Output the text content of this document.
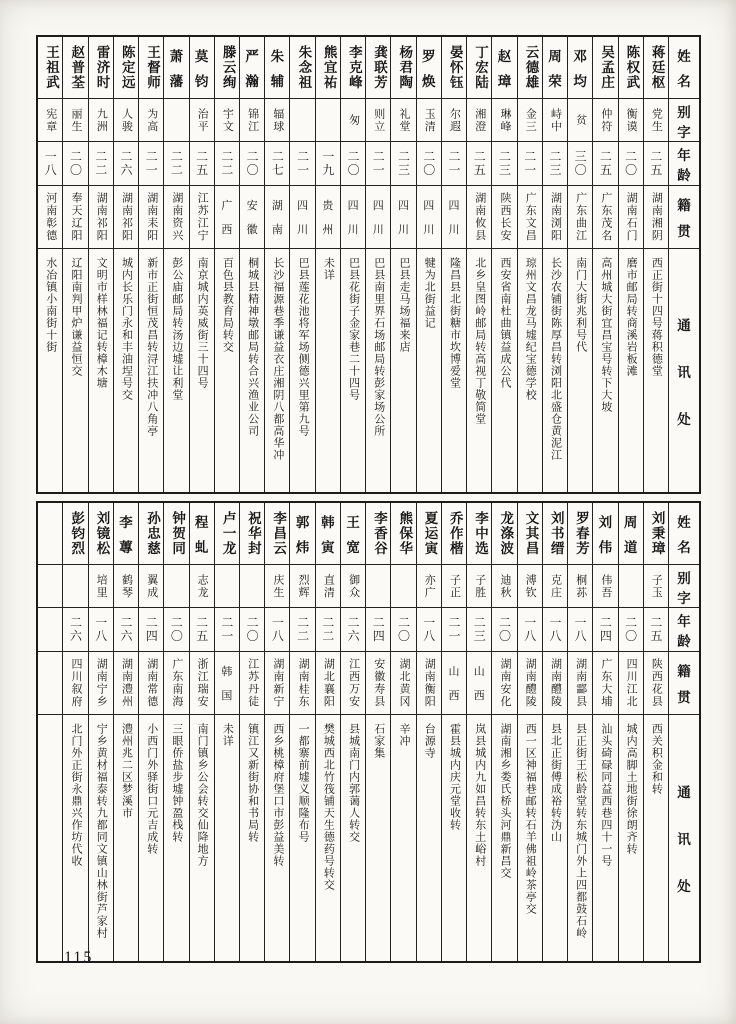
姓
名
别
字
年
龄
籍
贯
通
讯
处
蒋廷枢
党生
二五
湖南湘阴
西正街十四号蒋积德堂
陈权武
衡谟
二〇
湖南石门
磨市邮局转商溪岩板滩
吴孟庄
仲符
二五
广东茂名
高州城大街宜昌宝号转下大坡
邓
均
贫
三〇
广东曲江
南门大街兆利号代
周
荣
峙中
二三
湖南浏阳
长沙农铺街陈厚昌转浏阳北盛仓黄泥江
云德雄
金三
二一
广东文昌
琼州文昌龙马墟纪宝德学校
赵
璋
琳峰
二三
陕西长安
西安省南杜曲镇益成公代
丁宏陆
湘澄
二五
湖南攸县
北乡皇图岭邮局转高视丁敬简堂
晏怀钰
尔遐
二一
四
川
隆昌县北街糖市坎博爱堂
罗
焕
玉清
二〇
四
川
犍为北街益记
杨君陶
礼堂
二三
四
川
巴县走马场福来店
龚联芳
则立
二一
四
川
巴县南里界石场邮局转彭家场公所
李克峰
匆
二〇
四
川
巴县花街子金家巷二十四号
熊宜祐
一九
贵
州
未详
朱念祖
二一
四
川
巴县莲花池将军场侧德兴里第九号
朱
辅
辐球
二七
湖
南
长沙福源巷季谦益衣庄湘阴八都高华冲
严
瀚
锦江
二〇
安
徽
桐城县精神墩邮局转合兴渔业公司
滕云绚
宇文
二二
广
西
百色县教育局转交
莫
钧
治平
二五
江苏江宁
南京城内英威街三十四号
萧
藩
二二
湖南资兴
彭公庙邮局转汤边墟让利堂
王督师
为高
二一
湖南耒阳
新市正街恒茂昌转浔江扶冲八角亭
陈定远
人骏
二六
湖南祁阳
城内长乐门永和丰油埕号交
雷济时
九洲
二二
湖南祁阳
文明市样林福记转樟木塘
赵普荃
丽生
二〇
奉天辽阳
辽阳南判甲炉谦益恒交
王祖武
宪章
一八
河南彰德
水冶镇小南街十街
姓
名
别
字
年
龄
籍
贯
通
讯
处
刘秉璋
子玉
二五
陕西花县
西关积金和转
周
道
二〇
四川江北
城内高脚土地街徐朗齐转
刘
伟
伟吾
二四
广东大埔
汕头碕碌同益西巷四十一号
罗春芳
桐荪
一八
湖南酃县
县正街王松龄堂转东城门外上四都鼓石岭
刘书缙
克庄
一八
湖南醴陵
县北正街傅成裕转沩山
文其昌
溥钦
一八
湖南醴陵
西一区神福巷邮转石羊佛祖岭茶亭交
龙涤波
迪秋
二〇
湖南安化
湖南湘乡娄氏桥头河鼎新昌交
李中选
子胜
二三
山
西
岚县城内九如昌转东土峪村
乔作楷
子正
二一
山
西
霍县城内庆元堂收转
夏运寅
亦广
一八
湖南衡阳
台源寺
熊保华
二〇
湖北黄冈
辛冲
李香谷
二四
安徽寿县
石家集
王
宽
御众
二六
江西万安
县城南门内郭蔼人转交
韩
寅
直清
二二
湖北襄阳
樊城西北竹筏铺天生德药号转交
郭
炜
烈辉
二二
湖南桂东
一都寨前墟义顺隆布号
李昌云
庆生
一八
湖南新宁
西乡桃樟府堡口市彭益美转
祝华封
二〇
江苏丹徒
镇江又新街协和书局转
卢一龙
二一
韩
国
未详
程
虬
志龙
二五
浙江瑞安
南门镇乡公会转交仙降地方
钟贺同
二〇
广东南海
三眼侨盐步墟钟盈栈转
孙忠慈
翼成
二四
湖南常德
小西门外驿街口元吉成转
李
蓴
鹤琴
二六
湖南澧州
澧州兆二区梦溪市
刘镜松
培里
一八
湖南宁乡
宁乡黄材福泰转九都同文镇山林街芦家村
彭钧烈
二六
四川叙府
北门外正街永鼎兴作坊代收
115
